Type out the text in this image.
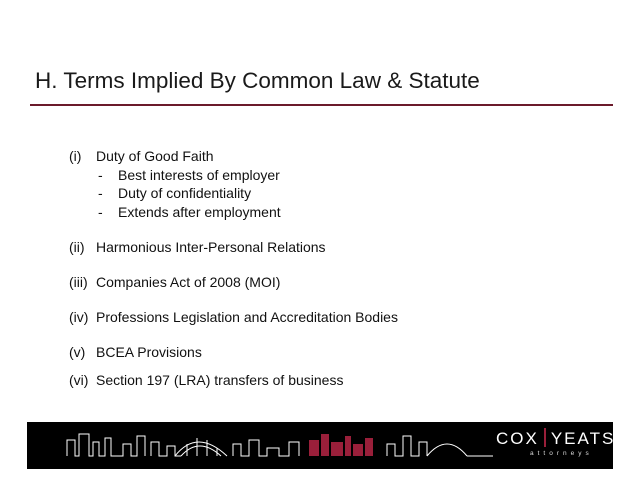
H. Terms Implied By Common Law & Statute
(i) Duty of Good Faith
- Best interests of employer
- Duty of confidentiality
- Extends after employment
(ii) Harmonious Inter-Personal Relations
(iii) Companies Act of 2008 (MOI)
(iv) Professions Legislation and Accreditation Bodies
(v) BCEA Provisions
(vi) Section 197 (LRA) transfers of business
COX YEATS
attorneys
